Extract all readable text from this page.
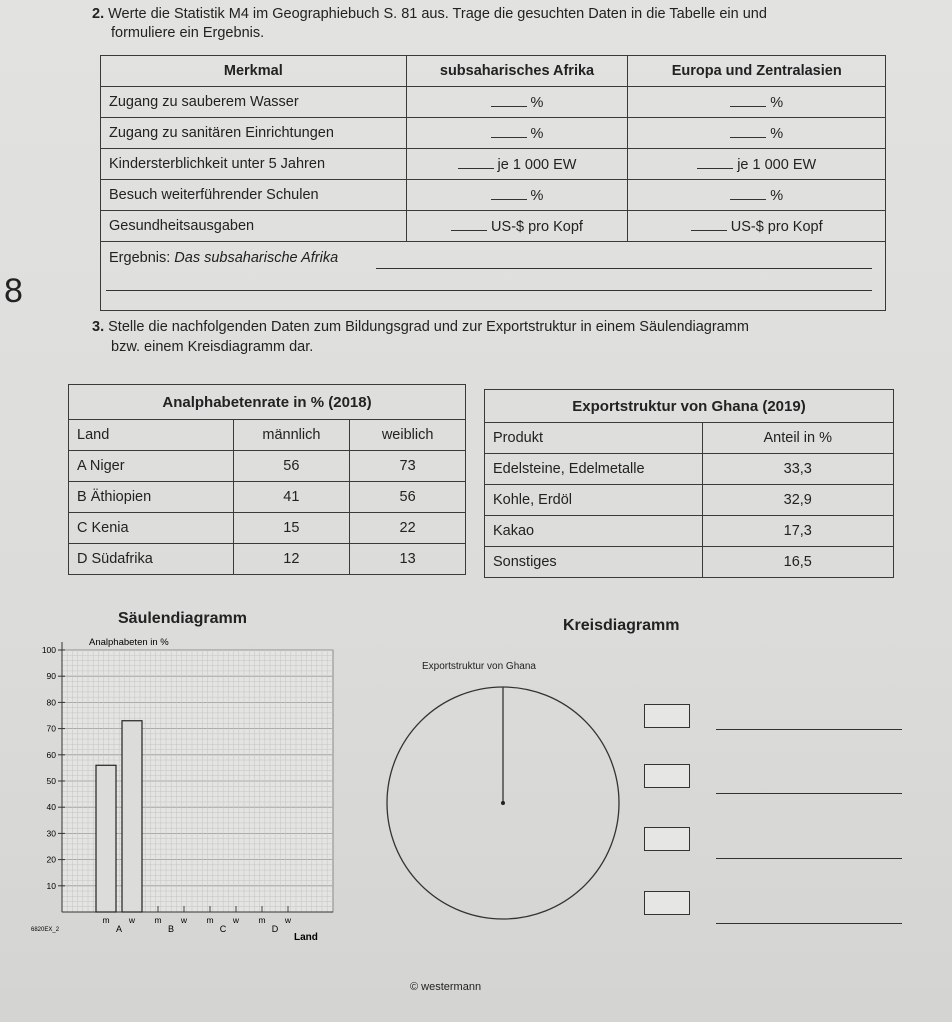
2. Werte die Statistik M4 im Geographiebuch S. 81 aus. Trage die gesuchten Daten in die Tabelle ein und
formuliere ein Ergebnis.
Merkmal	subsaharisches Afrika	Europa und Zentralasien
Zugang zu sauberem Wasser	%	%
Zugang zu sanitären Einrichtungen	%	%
Kindersterblichkeit unter 5 Jahren	je 1 000 EW	je 1 000 EW
Besuch weiterführender Schulen	%	%
Gesundheitsausgaben	US-$ pro Kopf	US-$ pro Kopf
Ergebnis: Das subsaharische Afrika		
8
3. Stelle die nachfolgenden Daten zum Bildungsgrad und zur Exportstruktur in einem Säulendiagramm
bzw. einem Kreisdiagramm dar.
Analphabetenrate in % (2018)		
Land	männlich	weiblich
A Niger	56	73
B Äthiopien	41	56
C Kenia	15	22
D Südafrika	12	13
Exportstruktur von Ghana (2019)	
Produkt	Anteil in %
Edelsteine, Edelmetalle	33,3
Kohle, Erdöl	32,9
Kakao	17,3
Sonstiges	16,5
Säulendiagramm	Kreisdiagramm
10
20
30
40
50
60
70
80
90
100
m w
A
m w
B
m w
C
m w
D
Analphabeten in %
Land
6820EX_2
Exportstruktur von Ghana
© westermann
